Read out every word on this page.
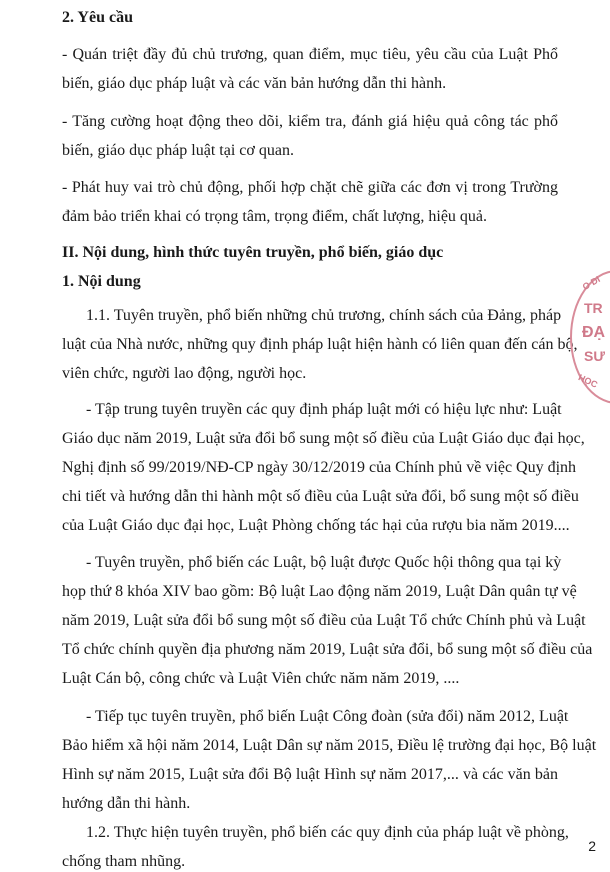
2. Yêu cầu
- Quán triệt đầy đủ chủ trương, quan điểm, mục tiêu, yêu cầu của Luật Phổ
biến, giáo dục pháp luật và các văn bản hướng dẫn thi hành.
- Tăng cường hoạt động theo dõi, kiểm tra, đánh giá hiệu quả công tác phổ
biến, giáo dục pháp luật tại cơ quan.
- Phát huy vai trò chủ động, phối hợp chặt chẽ giữa các đơn vị trong Trường
đảm bảo triển khai có trọng tâm, trọng điểm, chất lượng, hiệu quả.
II. Nội dung, hình thức tuyên truyền, phổ biến, giáo dục
1. Nội dung
1.1. Tuyên truyền, phổ biến những chủ trương, chính sách của Đảng, pháp
luật của Nhà nước, những quy định pháp luật hiện hành có liên quan đến cán bộ,
viên chức, người lao động, người học.
- Tập trung tuyên truyền các quy định pháp luật mới có hiệu lực như: Luật
Giáo dục năm 2019, Luật sửa đổi bổ sung một số điều của Luật Giáo dục đại học,
Nghị định số 99/2019/NĐ-CP ngày 30/12/2019 của Chính phủ về việc Quy định
chi tiết và hướng dẫn thi hành một số điều của Luật sửa đổi, bổ sung một số điều
của Luật Giáo dục đại học, Luật Phòng chống tác hại của rượu bia năm 2019....
- Tuyên truyền, phổ biến các Luật, bộ luật được Quốc hội thông qua tại kỳ
họp thứ 8 khóa XIV bao gồm: Bộ luật Lao động năm 2019, Luật Dân quân tự vệ
năm 2019, Luật sửa đổi bổ sung một số điều của Luật Tổ chức Chính phủ và Luật
Tổ chức chính quyền địa phương năm 2019, Luật sửa đổi, bổ sung một số điều của
Luật Cán bộ, công chức và Luật Viên chức năm năm 2019, ....
- Tiếp tục tuyên truyền, phổ biến Luật Công đoàn (sửa đổi) năm 2012, Luật
Bảo hiểm xã hội năm 2014, Luật Dân sự năm 2015, Điều lệ trường đại học, Bộ luật
Hình sự năm 2015, Luật sửa đổi Bộ luật Hình sự năm 2017,... và các văn bản
hướng dẫn thi hành.
1.2. Thực hiện tuyên truyền, phổ biến các quy định của pháp luật về phòng,
chống tham nhũng.
2
O DI
TR
ĐẠ
SƯ
HỌC
